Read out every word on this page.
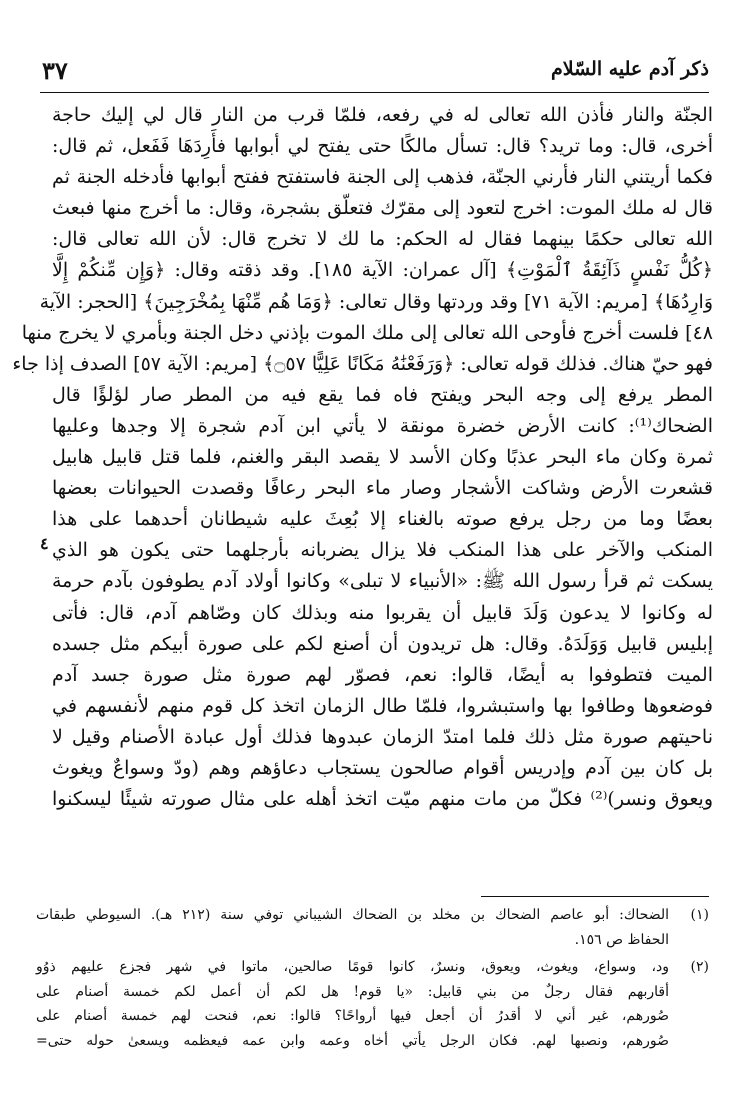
٣٧	ذكر آدم عليه السّلام
الجنّة والنار فأذن الله تعالى له في رفعه، فلمّا قرب من النار قال لي إليك حاجة
أخرى، قال: وما تريد؟ قال: تسأل مالكًا حتى يفتح لي أبوابها فأَرِدَهَا فَفَعل، ثم قال:
فكما أريتني النار فأرني الجنّة، فذهب إلى الجنة فاستفتح ففتح أبوابها فأدخله الجنة ثم
قال له ملك الموت: اخرج لتعود إلى مقرّك فتعلّق بشجرة، وقال: ما أخرج منها فبعث
الله تعالى حكمًا بينهما فقال له الحكم: ما لك لا تخرج قال: لأن الله تعالى قال:
﴿كُلُّ نَفْسٍ ذَآئِقَةُ ٱلْمَوْتِ﴾ [آل عمران: الآية ١٨٥]. وقد ذقته وقال: ﴿وَإِن مِّنكُمْ إِلَّا
وَارِدُهَا﴾ [مريم: الآية ٧١] وقد وردتها وقال تعالى: ﴿وَمَا هُم مِّنْهَا بِمُخْرَجِينَ﴾ [الحجر: الآية
٤٨] فلست أخرج فأوحى الله تعالى إلى ملك الموت بإذني دخل الجنة وبأمري لا يخرج منها
فهو حيّ هناك. فذلك قوله تعالى: ﴿وَرَفَعْنَٰهُ مَكَانًا عَلِيًّا ۝٥٧﴾ [مريم: الآية ٥٧] الصدف إذا جاء
المطر يرفع إلى وجه البحر ويفتح فاه فما يقع فيه من المطر صار لؤلؤًا قال
الضحاك⁽¹⁾: كانت الأرض خضرة مونقة لا يأتي ابن آدم شجرة إلا وجدها وعليها
ثمرة وكان ماء البحر عذبًا وكان الأسد لا يقصد البقر والغنم، فلما قتل قابيل هابيل
قشعرت الأرض وشاكت الأشجار وصار ماء البحر رعافًا وقصدت الحيوانات بعضها
بعضًا وما من رجل يرفع صوته بالغناء إلا بُعِثَ عليه شيطانان أحدهما على هذا
المنكب والآخر على هذا المنكب فلا يزال يضربانه بأرجلهما حتى يكون هو الذي
يسكت ثم قرأ رسول الله ﷺ: «الأنبياء لا تبلى» وكانوا أولاد آدم يطوفون بآدم حرمة
له وكانوا لا يدعون وَلَدَ قابيل أن يقربوا منه وبذلك كان وصّاهم آدم، قال: فأتى
إبليس قابيل وَوَلَدَهُ. وقال: هل تريدون أن أصنع لكم على صورة أبيكم مثل جسده
الميت فتطوفوا به أيضًا، قالوا: نعم، فصوّر لهم صورة مثل صورة جسد آدم
فوضعوها وطافوا بها واستبشروا، فلمّا طال الزمان اتخذ كل قوم منهم لأنفسهم في
ناحيتهم صورة مثل ذلك فلما امتدّ الزمان عبدوها فذلك أول عبادة الأصنام وقيل لا
بل كان بين آدم وإدريس أقوام صالحون يستجاب دعاؤهم وهم (ودّ وسواعٌ ويغوث
ويعوق ونسر)⁽²⁾ فكلّ من مات منهم ميّت اتخذ أهله على مثال صورته شيئًا ليسكنوا
٤
(١)
الضحاك: أبو عاصم الضحاك بن مخلد بن الضحاك الشيباني توفي سنة (٢١٢ هـ). السيوطي طبقات
الحفاظ ص ١٥٦.
(٢)
ود، وسواع، ويغوث، ويعوق، ونسرٌ، كانوا قومًا صالحين، ماتوا في شهر فجزع عليهم ذوُو
أقاربهم فقال رجلٌ من بني قابيل: «يا قوم! هل لكم أن أعمل لكم خمسة أصنام على
صُورهم، غير أني لا أقدرُ أن أجعل فيها أرواحًا؟ قالوا: نعم، فنحت لهم خمسة أصنام على
صُورهم، ونصبها لهم. فكان الرجل يأتي أخاه وعمه وابن عمه فيعظمه ويسعىٰ حوله حتى=
